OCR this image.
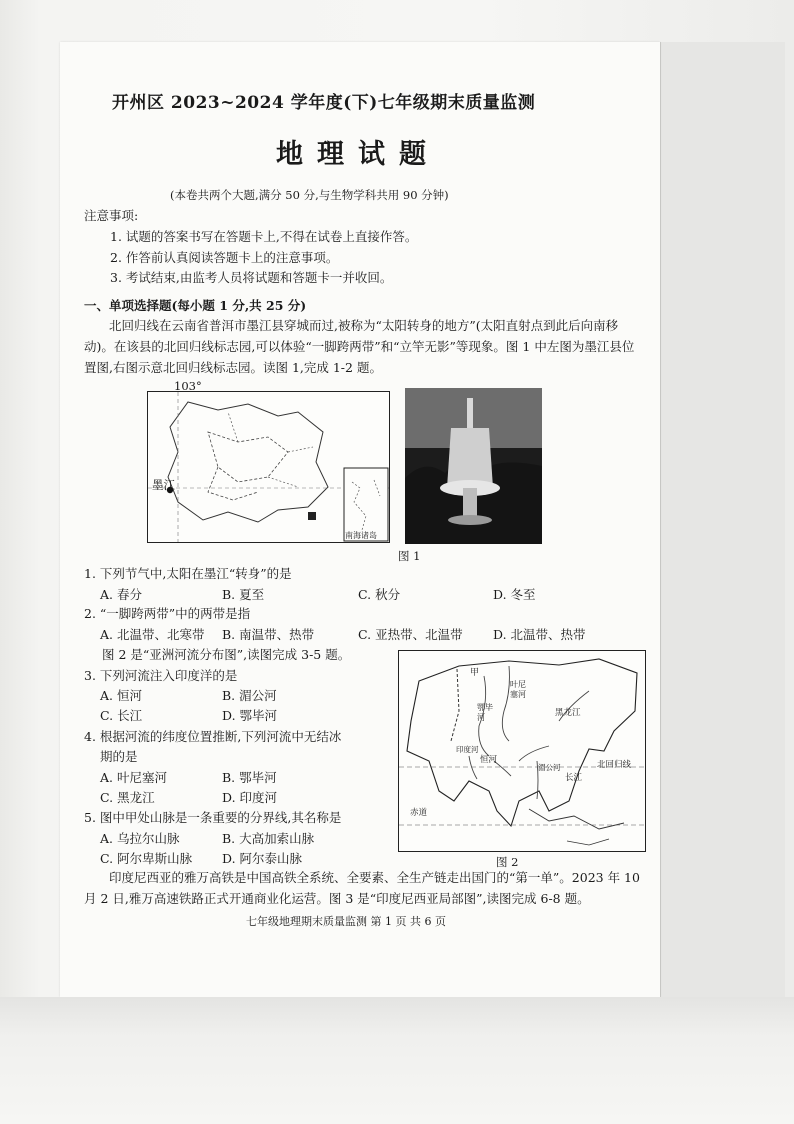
开州区 2023~2024 学年度(下)七年级期末质量监测
地理试题
(本卷共两个大题,满分 50 分,与生物学科共用 90 分钟)
注意事项:
1. 试题的答案书写在答题卡上,不得在试卷上直接作答。
2. 作答前认真阅读答题卡上的注意事项。
3. 考试结束,由监考人员将试题和答题卡一并收回。
一、单项选择题(每小题 1 分,共 25 分)
北回归线在云南省普洱市墨江县穿城而过,被称为“太阳转身的地方”(太阳直射点到此后向南移动)。在该县的北回归线标志园,可以体验“一脚跨两带”和“立竿无影”等现象。图 1 中左图为墨江县位置图,右图示意北回归线标志园。读图 1,完成 1-2 题。
103°
墨江
南海诸岛
图 1
1. 下列节气中,太阳在墨江“转身”的是
A. 春分	B. 夏至	C. 秋分	D. 冬至
2. “一脚跨两带”中的两带是指
A. 北温带、北寒带 B. 南温带、热带	C. 亚热带、北温带 D. 北温带、热带
图 2 是“亚洲河流分布图”,读图完成 3-5 题。
3. 下列河流注入印度洋的是
A. 恒河	B. 湄公河
C. 长江	D. 鄂毕河
4. 根据河流的纬度位置推断,下列河流中无结冰
期的是
A. 叶尼塞河	B. 鄂毕河
C. 黑龙江	D. 印度河
5. 图中甲处山脉是一条重要的分界线,其名称是
A. 乌拉尔山脉	B. 大高加索山脉
C. 阿尔卑斯山脉 D. 阿尔泰山脉
甲
叶尼塞河
鄂毕河	黑龙江
恒河
长江
北回归线
赤道
印度河
湄公河
图 2
印度尼西亚的雅万高铁是中国高铁全系统、全要素、全生产链走出国门的“第一单”。2023 年 10 月 2 日,雅万高速铁路正式开通商业化运营。图 3 是“印度尼西亚局部图”,读图完成 6-8 题。
七年级地理期末质量监测 第 1 页 共 6 页
